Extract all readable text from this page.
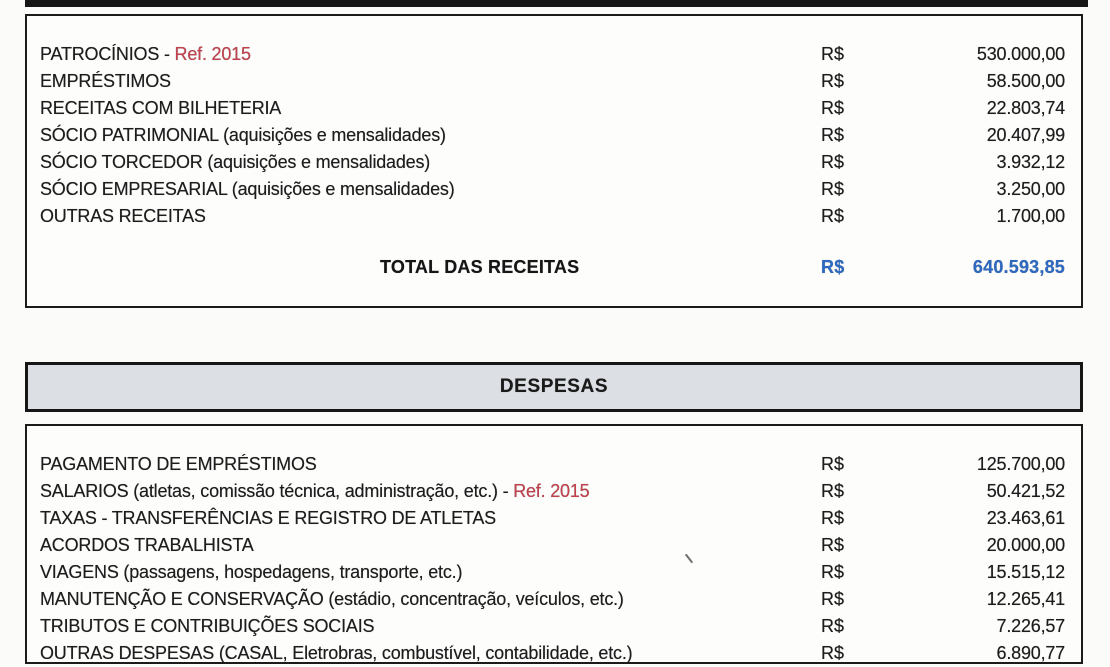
PATROCÍNIOS - Ref. 2015	R$	530.000,00
EMPRÉSTIMOS	R$	58.500,00
RECEITAS COM BILHETERIA	R$	22.803,74
SÓCIO PATRIMONIAL (aquisições e mensalidades)	R$	20.407,99
SÓCIO TORCEDOR (aquisições e mensalidades)	R$	3.932,12
SÓCIO EMPRESARIAL (aquisições e mensalidades)	R$	3.250,00
OUTRAS RECEITAS	R$	1.700,00
TOTAL DAS RECEITAS	R$	640.593,85
DESPESAS
PAGAMENTO DE EMPRÉSTIMOS	R$	125.700,00
SALARIOS (atletas, comissão técnica, administração, etc.) - Ref. 2015	R$	50.421,52
TAXAS - TRANSFERÊNCIAS E REGISTRO DE ATLETAS	R$	23.463,61
ACORDOS TRABALHISTA	R$	20.000,00
VIAGENS (passagens, hospedagens, transporte, etc.)	R$	15.515,12
MANUTENÇÃO E CONSERVAÇÃO (estádio, concentração, veículos, etc.)	R$	12.265,41
TRIBUTOS E CONTRIBUIÇÕES SOCIAIS	R$	7.226,57
OUTRAS DESPESAS (CASAL, Eletrobras, combustível, contabilidade, etc.)	R$	6.890,77
